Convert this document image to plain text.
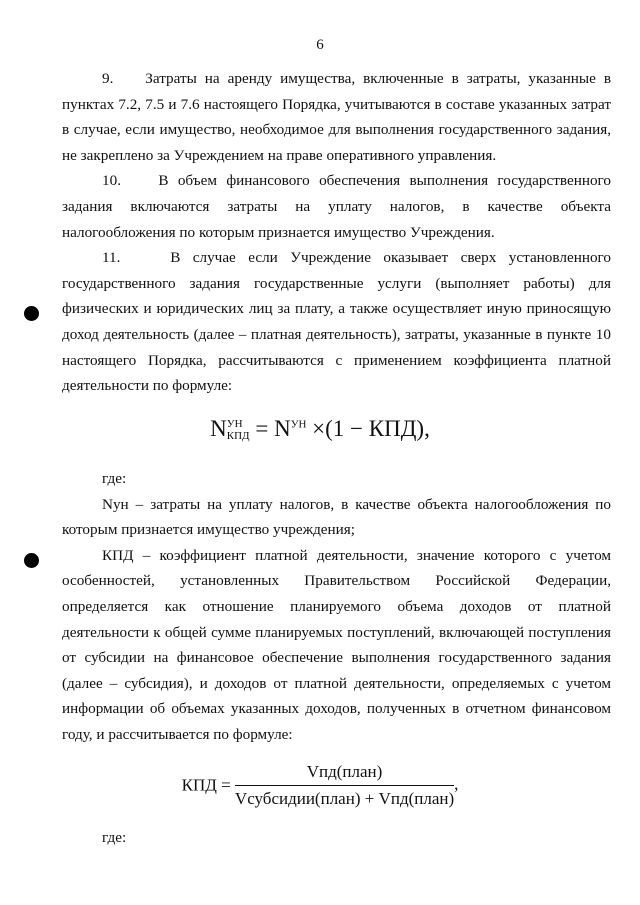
6

9.    Затраты на аренду имущества, включенные в затраты, указанные в пунктах 7.2, 7.5 и 7.6 настоящего Порядка, учитываются в составе указанных затрат в случае, если имущество, необходимое для выполнения государственного задания, не закреплено за Учреждением на праве оперативного управления.

10.    В объем финансового обеспечения выполнения государственного задания включаются затраты на уплату налогов, в качестве объекта налогообложения по которым признается имущество Учреждения.

11.    В случае если Учреждение оказывает сверх установленного государственного задания государственные услуги (выполняет работы) для физических и юридических лиц за плату, а также осуществляет иную приносящую доход деятельность (далее – платная деятельность), затраты, указанные в пункте 10 настоящего Порядка, рассчитываются с применением коэффициента платной деятельности по формуле:

N УН
КПД = $N^{УН} \times(1 - КПД)$,

где:

Nун – затраты на уплату налогов, в качестве объекта налогообложения по которым признается имущество учреждения;

КПД – коэффициент платной деятельности, значение которого с учетом особенностей, установленных Правительством Российской Федерации, определяется как отношение планируемого объема доходов от платной деятельности к общей сумме планируемых поступлений, включающей поступления от субсидии на финансовое обеспечение выполнения государственного задания (далее – субсидия), и доходов от платной деятельности, определяемых с учетом информации об объемах указанных доходов, полученных в отчетном финансовом году, и рассчитывается по формуле:

КПД = $\frac{\text{Vпд(план)}}{\text{Vсубсидии(план) + Vпд(план)}}$ ,

где:
